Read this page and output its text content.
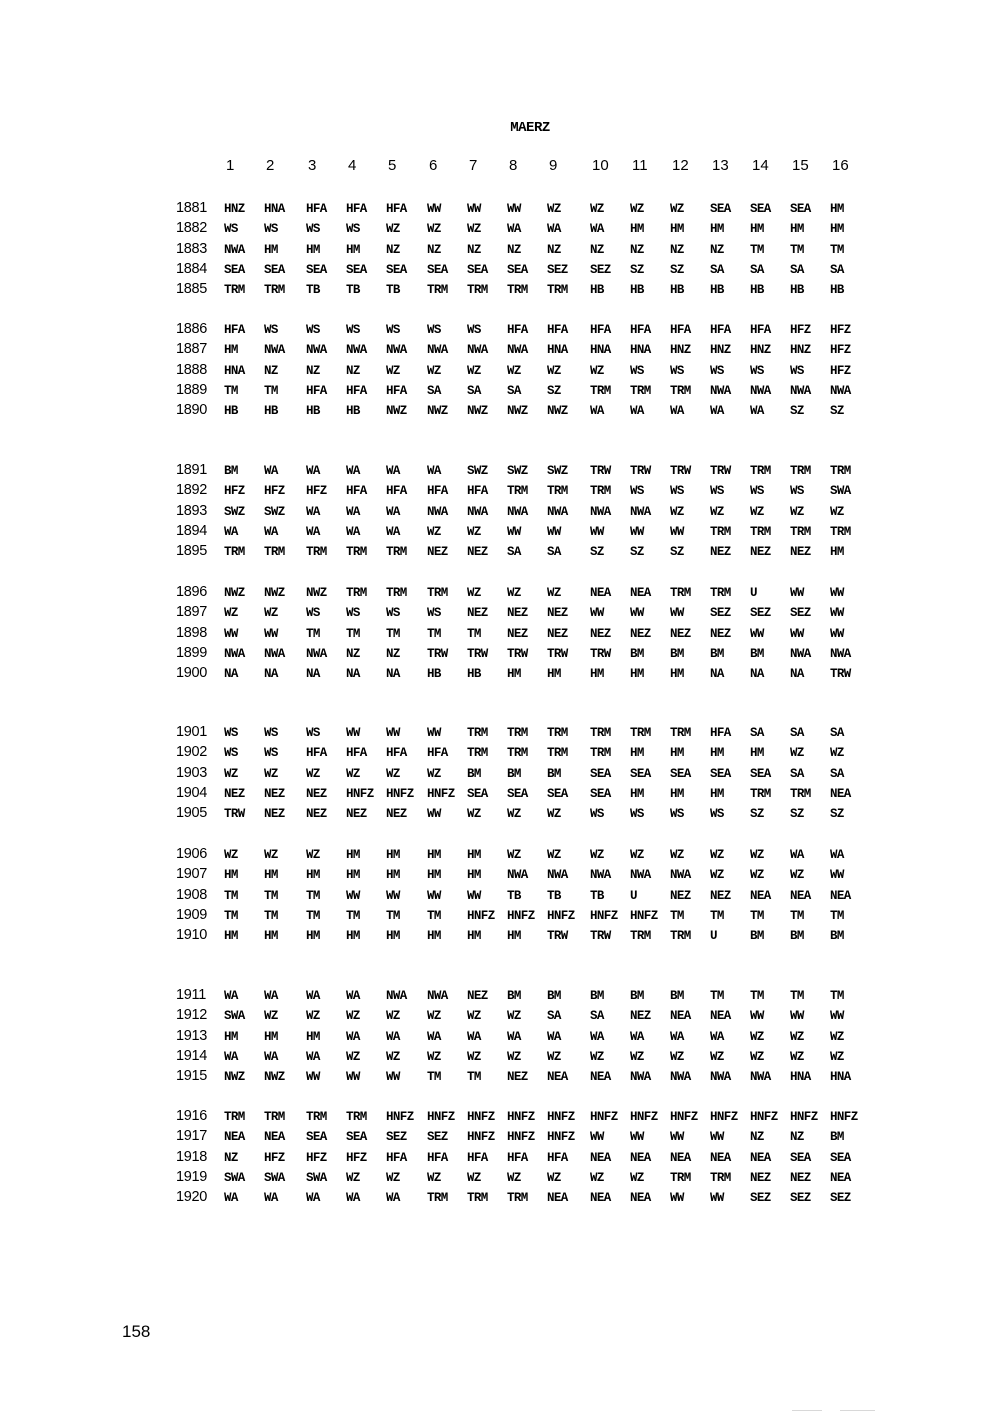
MAERZ
1 2 3 4 5 6 7 8 9 10 11 12 13 14 15 16
1881 HNZ HNA HFA HFA HFA WW WW WW WZ WZ WZ WZ SEA SEA SEA HM
1882 WS WS WS WS WZ WZ WZ WA WA WA HM HM HM HM HM HM
1883 NWA HM HM HM NZ NZ NZ NZ NZ NZ NZ NZ NZ TM TM TM
1884 SEA SEA SEA SEA SEA SEA SEA SEA SEZ SEZ SZ SZ SA SA SA SA
1885 TRM TRM TB TB TB TRM TRM TRM TRM HB HB HB HB HB HB HB
1886 HFA WS WS WS WS WS WS HFA HFA HFA HFA HFA HFA HFA HFZ HFZ
1887 HM NWA NWA NWA NWA NWA NWA NWA HNA HNA HNA HNZ HNZ HNZ HNZ HFZ
1888 HNA NZ NZ NZ WZ WZ WZ WZ WZ WZ WS WS WS WS WS HFZ
1889 TM TM HFA HFA HFA SA SA SA SZ TRM TRM TRM NWA NWA NWA NWA
1890 HB HB HB HB NWZ NWZ NWZ NWZ NWZ WA WA WA WA WA SZ SZ
1891 BM WA WA WA WA WA SWZ SWZ SWZ TRW TRW TRW TRW TRM TRM TRM
1892 HFZ HFZ HFZ HFA HFA HFA HFA TRM TRM TRM WS WS WS WS WS SWA
1893 SWZ SWZ WA WA WA NWA NWA NWA NWA NWA NWA WZ WZ WZ WZ WZ
1894 WA WA WA WA WA WZ WZ WW WW WW WW WW TRM TRM TRM TRM
1895 TRM TRM TRM TRM TRM NEZ NEZ SA SA SZ SZ SZ NEZ NEZ NEZ HM
1896 NWZ NWZ NWZ TRM TRM TRM WZ WZ WZ NEA NEA TRM TRM U	WW WW
1897 WZ WZ WS WS WS WS NEZ NEZ NEZ WW WW WW SEZ SEZ SEZ WW
1898 WW WW TM TM TM TM TM NEZ NEZ NEZ NEZ NEZ NEZ WW WW WW
1899 NWA NWA NWA NZ NZ TRW TRW TRW TRW TRW BM BM BM BM NWA NWA
1900 NA NA NA NA NA HB HB HM HM HM HM HM NA NA NA TRW
1901 WS WS WS WW WW WW TRM TRM TRM TRM TRM TRM HFA SA SA SA
1902 WS WS HFA HFA HFA HFA TRM TRM TRM TRM HM HM HM HM WZ WZ
1903 WZ WZ WZ WZ WZ WZ BM BM BM SEA SEA SEA SEA SEA SA SA
1904 NEZ NEZ NEZ HNFZ HNFZ HNFZ SEA SEA SEA SEA HM HM HM TRM TRM NEA
1905 TRW NEZ NEZ NEZ NEZ WW WZ WZ WZ WS WS WS WS SZ SZ SZ
1906 WZ WZ WZ HM HM HM HM WZ WZ WZ WZ WZ WZ WZ WA WA
1907 HM HM HM HM HM HM HM NWA NWA NWA NWA NWA WZ WZ WZ WW
1908 TM TM TM WW WW WW WW TB TB TB U	NEZ NEZ NEA NEA NEA
1909 TM TM TM TM TM TM HNFZ HNFZ HNFZ HNFZ HNFZ TM TM TM TM TM
1910 HM HM HM HM HM HM HM HM TRW TRW TRM TRM U	BM BM BM
1911 WA WA WA WA NWA NWA NEZ BM BM BM BM BM TM TM TM TM
1912 SWA WZ WZ WZ WZ WZ WZ WZ SA SA NEZ NEA NEA WW WW WW
1913 HM HM HM WA WA WA WA WA WA WA WA WA WA WZ WZ WZ
1914 WA WA WA WZ WZ WZ WZ WZ WZ WZ WZ WZ WZ WZ WZ WZ
1915 NWZ NWZ WW WW WW TM TM NEZ NEA NEA NWA NWA NWA NWA HNA HNA
1916 TRM TRM TRM TRM HNFZ HNFZ HNFZ HNFZ HNFZ HNFZ HNFZ HNFZ HNFZ HNFZ HNFZ HNFZ
1917 NEA NEA SEA SEA SEZ SEZ HNFZ HNFZ HNFZ WW WW WW WW NZ NZ BM
1918 NZ HFZ HFZ HFZ HFA HFA HFA HFA HFA NEA NEA NEA NEA NEA SEA SEA
1919 SWA SWA SWA WZ WZ WZ WZ WZ WZ WZ WZ TRM TRM NEZ NEZ NEA
1920 WA WA WA WA WA TRM TRM TRM NEA NEA NEA WW WW SEZ SEZ SEZ
158
